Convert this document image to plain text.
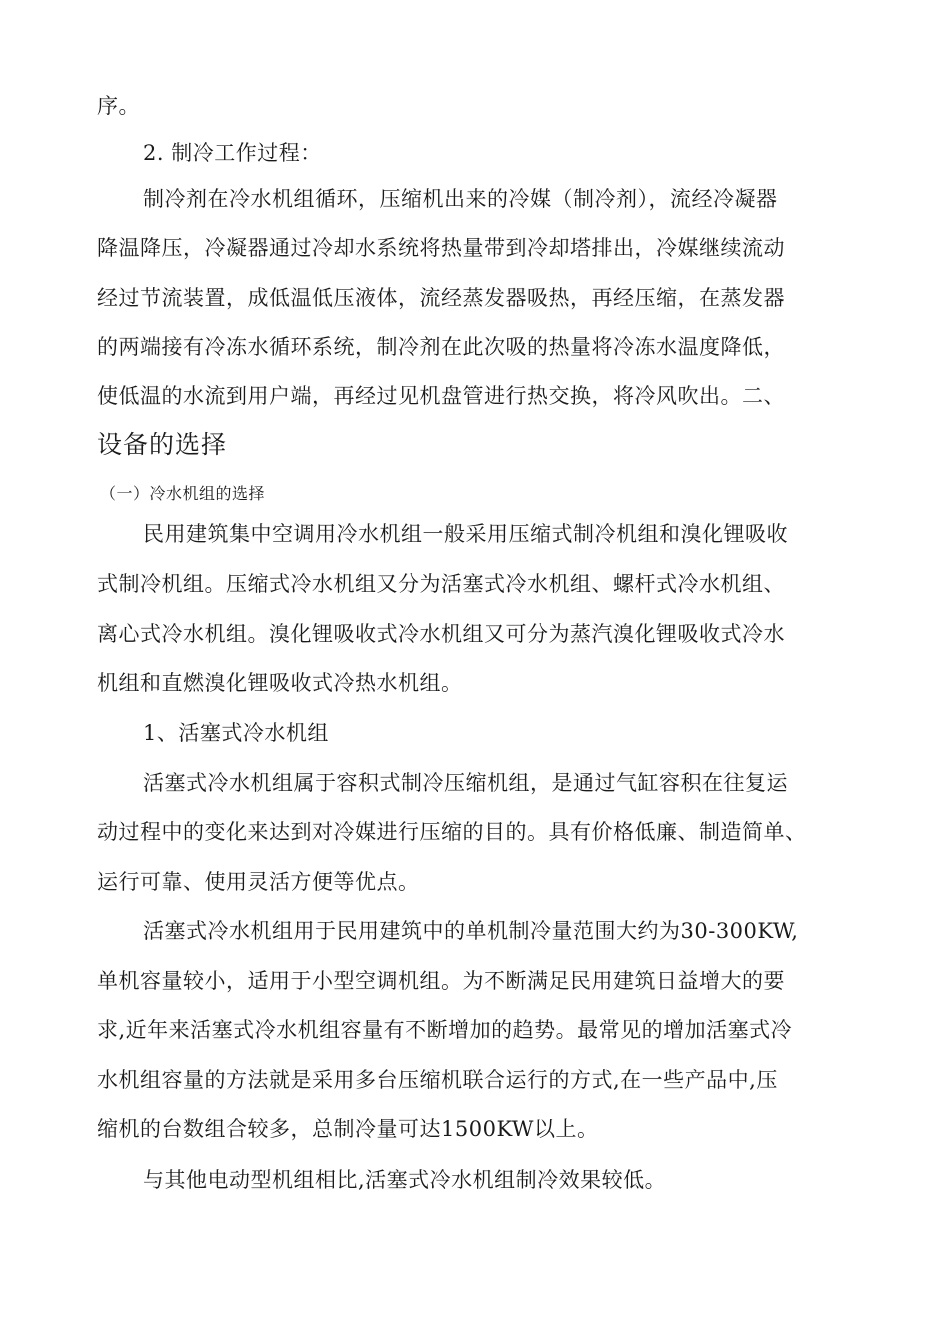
序。
2. 制冷工作过程：
制冷剂在冷水机组循环，压缩机出来的冷媒（制冷剂），流经冷凝器
降温降压，冷凝器通过冷却水系统将热量带到冷却塔排出，冷媒继续流动
经过节流装置，成低温低压液体，流经蒸发器吸热，再经压缩，在蒸发器
的两端接有冷冻水循环系统，制冷剂在此次吸的热量将冷冻水温度降低，
使低温的水流到用户端，再经过见机盘管进行热交换，将冷风吹出。二、
设备的选择
（一）冷水机组的选择
民用建筑集中空调用冷水机组一般采用压缩式制冷机组和溴化锂吸收
式制冷机组。压缩式冷水机组又分为活塞式冷水机组、螺杆式冷水机组、
离心式冷水机组。溴化锂吸收式冷水机组又可分为蒸汽溴化锂吸收式冷水
机组和直燃溴化锂吸收式冷热水机组。
1、活塞式冷水机组
活塞式冷水机组属于容积式制冷压缩机组，是通过气缸容积在往复运
动过程中的变化来达到对冷媒进行压缩的目的。具有价格低廉、制造简单、
运行可靠、使用灵活方便等优点。
活塞式冷水机组用于民用建筑中的单机制冷量范围大约为30-300KW,
单机容量较小，适用于小型空调机组。为不断满足民用建筑日益增大的要
求,近年来活塞式冷水机组容量有不断增加的趋势。最常见的增加活塞式冷
水机组容量的方法就是采用多台压缩机联合运行的方式,在一些产品中,压
缩机的台数组合较多，总制冷量可达1500KW以上。
与其他电动型机组相比,活塞式冷水机组制冷效果较低。
